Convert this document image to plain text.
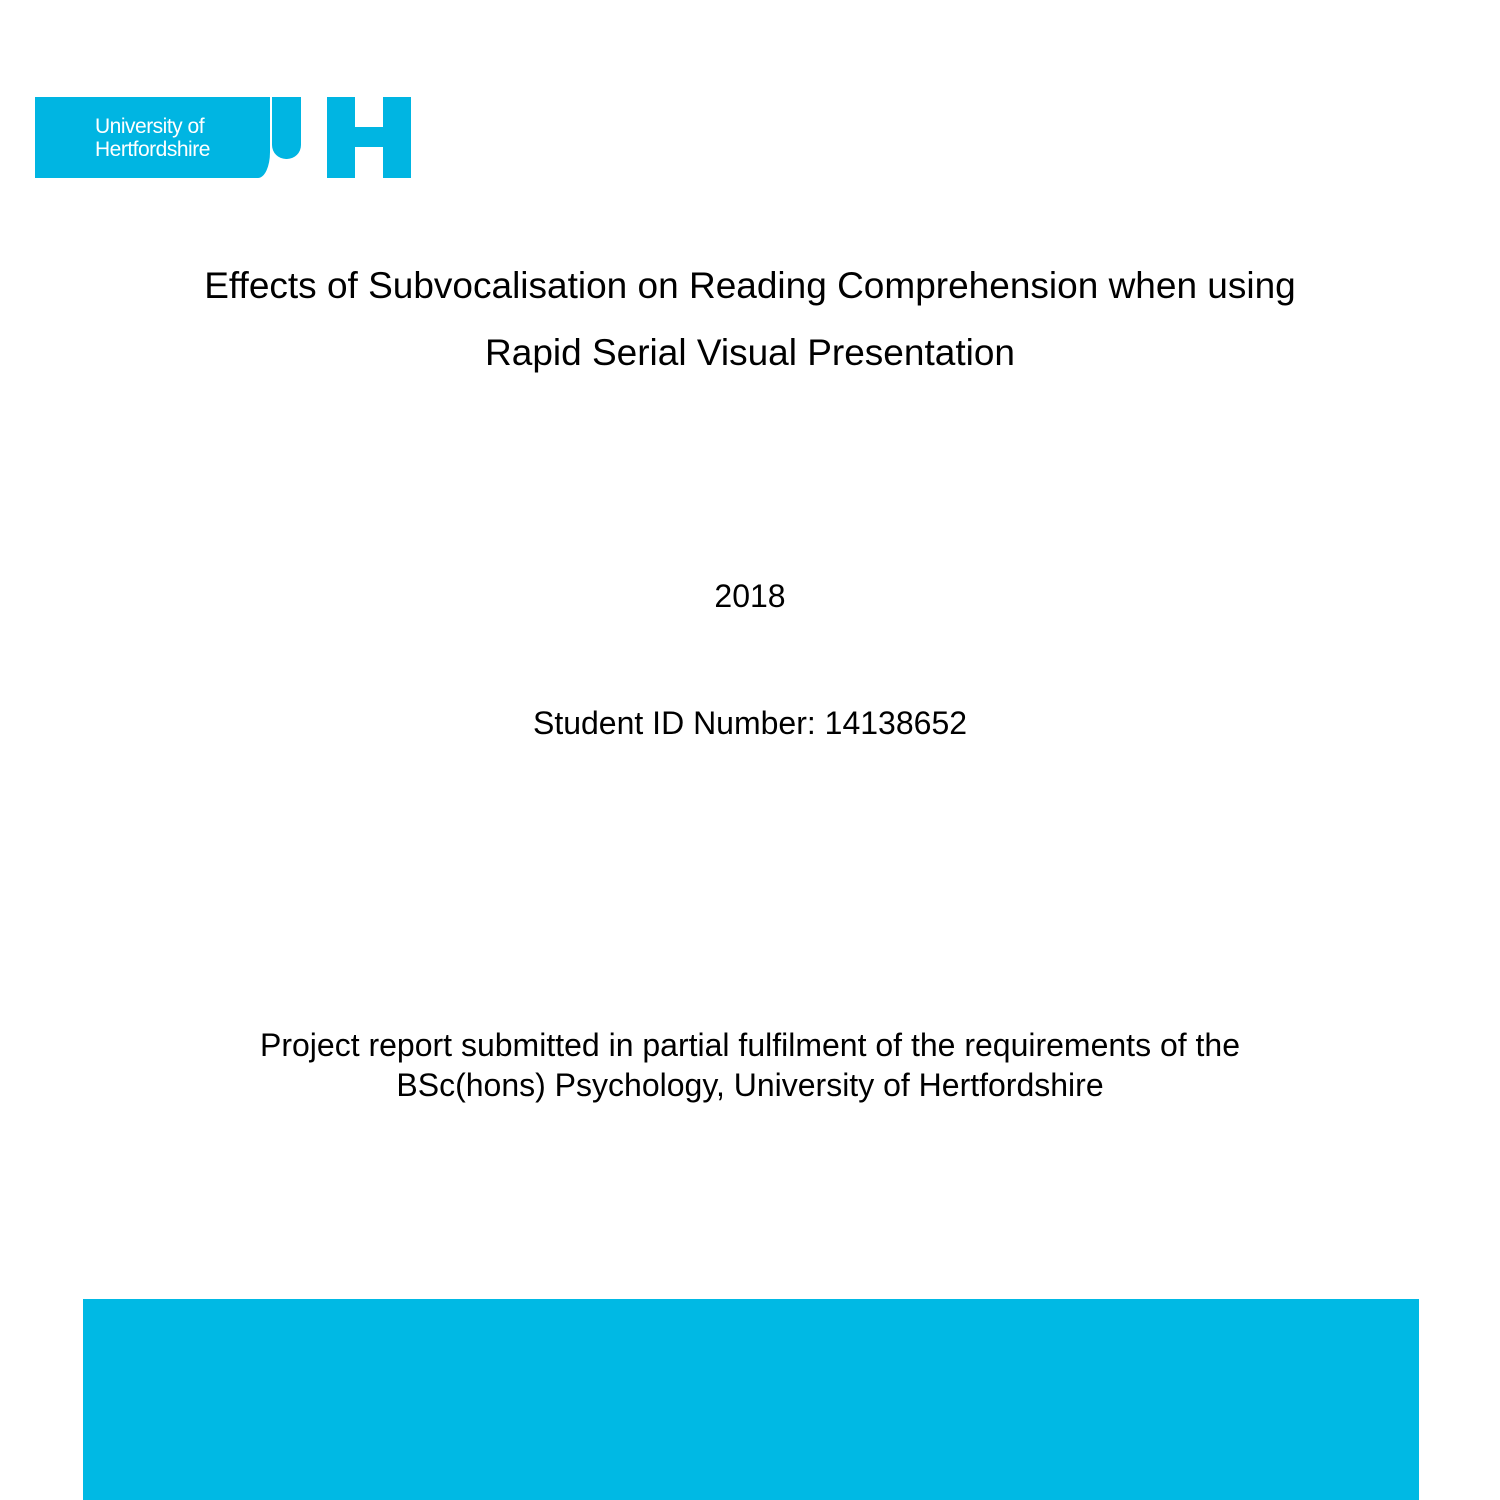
University of
Hertfordshire
Effects of Subvocalisation on Reading Comprehension when using
Rapid Serial Visual Presentation
2018
Student ID Number: 14138652
Project report submitted in partial fulfilment of the requirements of the
BSc(hons) Psychology, University of Hertfordshire
